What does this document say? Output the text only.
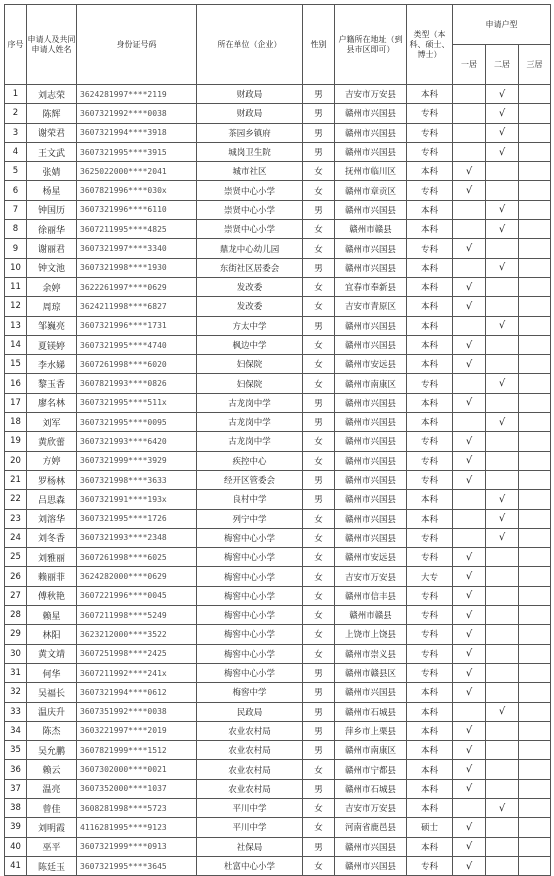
序号	申请人及共同申请人姓名	身份证号码	所在单位（企业）	性别	户籍所在地址（到县市区即可）	类型（本科、硕士、博士）	申请户型		
							一居	二居	三居
1	刘志荣	3624281997****2119	财政局	男	吉安市万安县	本科		√	
2	陈辉	3607321992****0038	财政局	男	赣州市兴国县	专科		√	
3	谢荣君	3607321994****3918	茶园乡镇府	男	赣州市兴国县	专科		√	
4	王文武	3607321995****3915	城岗卫生院	男	赣州市兴国县	专科		√	
5	张婧	3625022000****2041	城市社区	女	抚州市临川区	本科	√		
6	杨星	3607821996****030x	崇贤中心小学	女	赣州市章贡区	专科	√		
7	钟国历	3607321996****6110	崇贤中心小学	男	赣州市兴国县	本科		√	
8	徐丽华	3607211995****4825	崇贤中心小学	女	赣州市赣县	本科		√	
9	谢丽君	3607321997****3340	鼎龙中心幼儿园	女	赣州市兴国县	专科	√		
10	钟文池	3607321998****1930	东街社区居委会	男	赣州市兴国县	本科		√	
11	余婷	3622261997****0629	发改委	女	宜春市奉新县	本科	√		
12	周琼	3624211998****6827	发改委	女	吉安市青原区	本科	√		
13	邹巍亮	3607321996****1731	方太中学	男	赣州市兴国县	本科		√	
14	夏镁婷	3607321995****4740	枫边中学	女	赣州市兴国县	本科	√		
15	李水娣	3607261998****6020	妇保院	女	赣州市安远县	本科	√		
16	黎玉香	3607821993****0826	妇保院	女	赣州市南康区	专科		√	
17	廖名林	3607321995****511x	古龙岗中学	男	赣州市兴国县	本科	√		
18	刘军	3607321995****0095	古龙岗中学	男	赣州市兴国县	本科		√	
19	黄欣蕾	3607321993****6420	古龙岗中学	女	赣州市兴国县	专科	√		
20	方婷	3607321999****3929	疾控中心	女	赣州市兴国县	专科	√		
21	罗杨林	3607321998****3633	经开区管委会	男	赣州市兴国县	专科	√		
22	吕思森	3607321991****193x	良村中学	男	赣州市兴国县	本科		√	
23	刘溶华	3607321995****1726	列宁中学	女	赣州市兴国县	本科		√	
24	刘冬香	3607321993****2348	梅窖中心小学	女	赣州市兴国县	专科		√	
25	刘雅丽	3607261998****6025	梅窖中心小学	女	赣州市安远县	专科	√		
26	赖丽菲	3624282000****0629	梅窖中心小学	女	吉安市万安县	大专	√		
27	傅秋艳	3607221996****0045	梅窖中心小学	女	赣州市信丰县	专科	√		
28	赖星	3607211998****5249	梅窖中心小学	女	赣州市赣县	专科	√		
29	林阳	3623212000****3522	梅窖中心小学	女	上饶市上饶县	专科	√		
30	黄文靖	3607251998****2425	梅窖中心小学	女	赣州市崇义县	专科	√		
31	何华	3607211992****241x	梅窖中心小学	男	赣州市赣县区	专科	√		
32	吴福长	3607321994****0612	梅窖中学	男	赣州市兴国县	本科	√		
33	温庆升	3607351992****0038	民政局	男	赣州市石城县	本科		√	
34	陈杰	3603221997****2019	农业农村局	男	萍乡市上栗县	本科	√		
35	吴允鹏	3607821999****1512	农业农村局	男	赣州市南康区	本科	√		
36	赖云	3607302000****0021	农业农村局	女	赣州市宁都县	本科	√		
37	温亮	3607352000****1037	农业农村局	男	赣州市石城县	本科	√		
38	曾佳	3608281998****5723	平川中学	女	吉安市万安县	本科		√	
39	刘明霞	4116281995****9123	平川中学	女	河南省鹿邑县	硕士	√		
40	巫平	3607321999****0913	社保局	男	赣州市兴国县	本科	√		
41	陈廷玉	3607321995****3645	杜富中心小学	女	赣州市兴国县	专科	√		
